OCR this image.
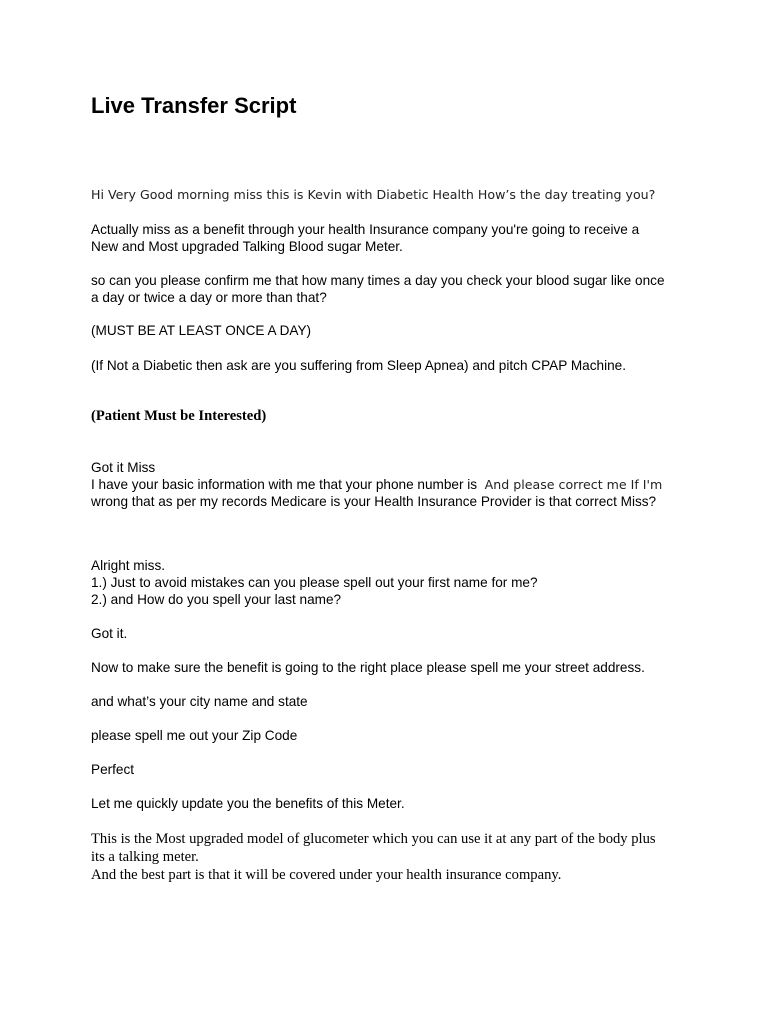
Live Transfer Script

Hi Very Good morning miss this is Kevin with Diabetic Health How’s the day treating you?

Actually miss as a benefit through your health Insurance company you're going to receive a
New and Most upgraded Talking Blood sugar Meter.

so can you please confirm me that how many times a day you check your blood sugar like once
a day or twice a day or more than that?

(MUST BE AT LEAST ONCE A DAY)

(If Not a Diabetic then ask are you suffering from Sleep Apnea) and pitch CPAP Machine.

(Patient Must be Interested)

Got it Miss
I have your basic information with me that your phone number is And please correct me If I'm
wrong that as per my records Medicare is your Health Insurance Provider is that correct Miss?

Alright miss.
1.) Just to avoid mistakes can you please spell out your first name for me?
2.) and How do you spell your last name?

Got it.

Now to make sure the benefit is going to the right place please spell me your street address.

and what’s your city name and state

please spell me out your Zip Code

Perfect

Let me quickly update you the benefits of this Meter.

This is the Most upgraded model of glucometer which you can use it at any part of the body plus
its a talking meter.
And the best part is that it will be covered under your health insurance company.
